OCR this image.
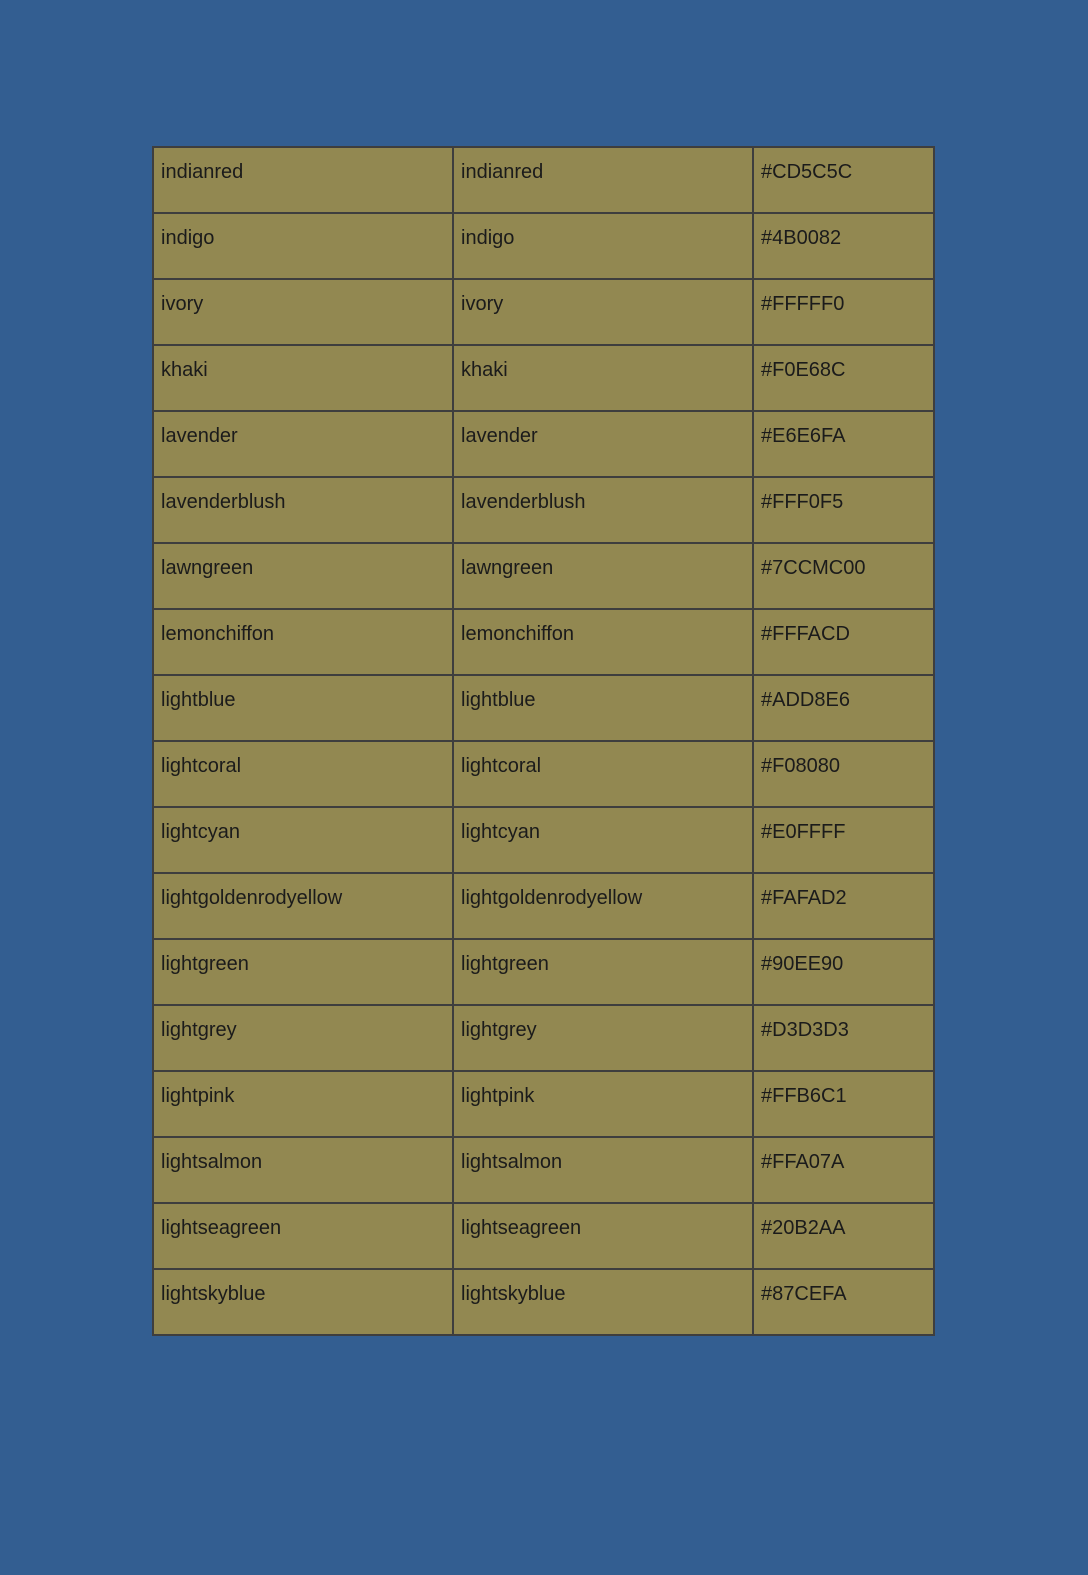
indianred	indianred	#CD5C5C
indigo	indigo	#4B0082
ivory	ivory	#FFFFF0
khaki	khaki	#F0E68C
lavender	lavender	#E6E6FA
lavenderblush	lavenderblush	#FFF0F5
lawngreen	lawngreen	#7CCMC00
lemonchiffon	lemonchiffon	#FFFACD
lightblue	lightblue	#ADD8E6
lightcoral	lightcoral	#F08080
lightcyan	lightcyan	#E0FFFF
lightgoldenrodyellow	lightgoldenrodyellow	#FAFAD2
lightgreen	lightgreen	#90EE90
lightgrey	lightgrey	#D3D3D3
lightpink	lightpink	#FFB6C1
lightsalmon	lightsalmon	#FFA07A
lightseagreen	lightseagreen	#20B2AA
lightskyblue	lightskyblue	#87CEFA
